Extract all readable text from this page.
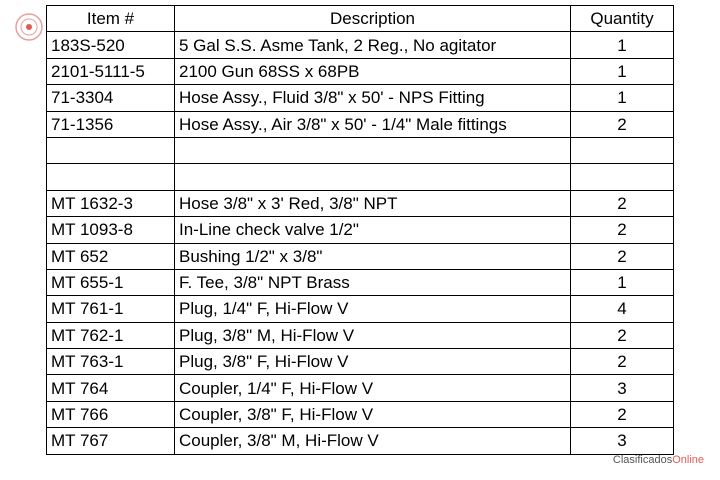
Item #	Description	Quantity
183S-520	5 Gal S.S. Asme Tank, 2 Reg., No agitator	1
2101-5111-5	2100 Gun 68SS x 68PB	1
71-3304	Hose Assy., Fluid 3/8" x 50' - NPS Fitting	1
71-1356	Hose Assy., Air 3/8" x 50' - 1/4" Male fittings	2

MT 1632-3	Hose 3/8" x 3' Red, 3/8" NPT	2
MT 1093-8	In-Line check valve 1/2"	2
MT 652	Bushing 1/2" x 3/8"	2
MT 655-1	F. Tee, 3/8" NPT Brass	1
MT 761-1	Plug, 1/4" F, Hi-Flow V	4
MT 762-1	Plug, 3/8" M, Hi-Flow V	2
MT 763-1	Plug, 3/8" F, Hi-Flow V	2
MT 764	Coupler, 1/4" F, Hi-Flow V	3
MT 766	Coupler, 3/8" F, Hi-Flow V	2
MT 767	Coupler, 3/8" M, Hi-Flow V	3
ClasificadosOnline
